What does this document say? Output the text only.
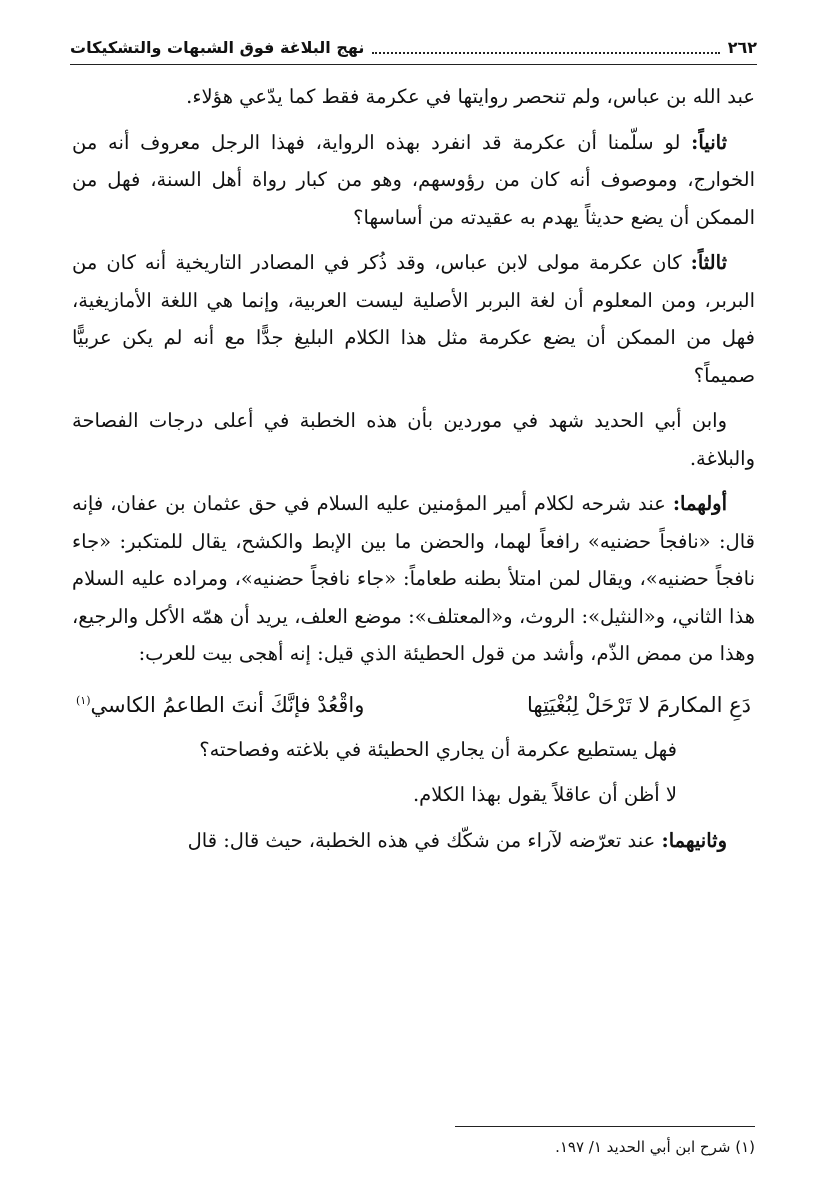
٢٦٢
نهج البلاغة فوق الشبهات والتشكيكات

عبد الله بن عباس، ولم تنحصر روايتها في عكرمة فقط كما يدّعي هؤلاء.

ثانياً: لو سلّمنا أن عكرمة قد انفرد بهذه الرواية، فهذا الرجل معروف أنه من الخوارج، وموصوف أنه كان من رؤوسهم، وهو من كبار رواة أهل السنة، فهل من الممكن أن يضع حديثاً يهدم به عقيدته من أساسها؟

ثالثاً: كان عكرمة مولى لابن عباس، وقد ذُكر في المصادر التاريخية أنه كان من البربر، ومن المعلوم أن لغة البربر الأصلية ليست العربية، وإنما هي اللغة الأمازيغية، فهل من الممكن أن يضع عكرمة مثل هذا الكلام البليغ جدًّا مع أنه لم يكن عربيًّا صميماً؟

وابن أبي الحديد شهد في موردين بأن هذه الخطبة في أعلى درجات الفصاحة والبلاغة.

أولهما: عند شرحه لكلام أمير المؤمنين عليه السلام في حق عثمان بن عفان، فإنه قال: «نافجاً حضنيه» رافعاً لهما، والحضن ما بين الإبط والكشح، يقال للمتكبر: «جاء نافجاً حضنيه»، ويقال لمن امتلأ بطنه طعاماً: «جاء نافجاً حضنيه»، ومراده عليه السلام هذا الثاني، و«النثيل»: الروث، و«المعتلف»: موضع العلف، يريد أن همّه الأكل والرجيع، وهذا من ممض الذّم، وأشد من قول الحطيئة الذي قيل: إنه أهجى بيت للعرب:

دَعِ المكارمَ لا تَرْحَلْ لِبُغْيَتِها
واقْعُدْ فإنَّكَ أنتَ الطاعمُ الكاسي$^{(١)}$

فهل يستطيع عكرمة أن يجاري الحطيئة في بلاغته وفصاحته؟

لا أظن أن عاقلاً يقول بهذا الكلام.

وثانيهما: عند تعرّضه لآراء من شكّك في هذه الخطبة، حيث قال: قال

(١) شرح ابن أبي الحديد ١/ ١٩٧.
